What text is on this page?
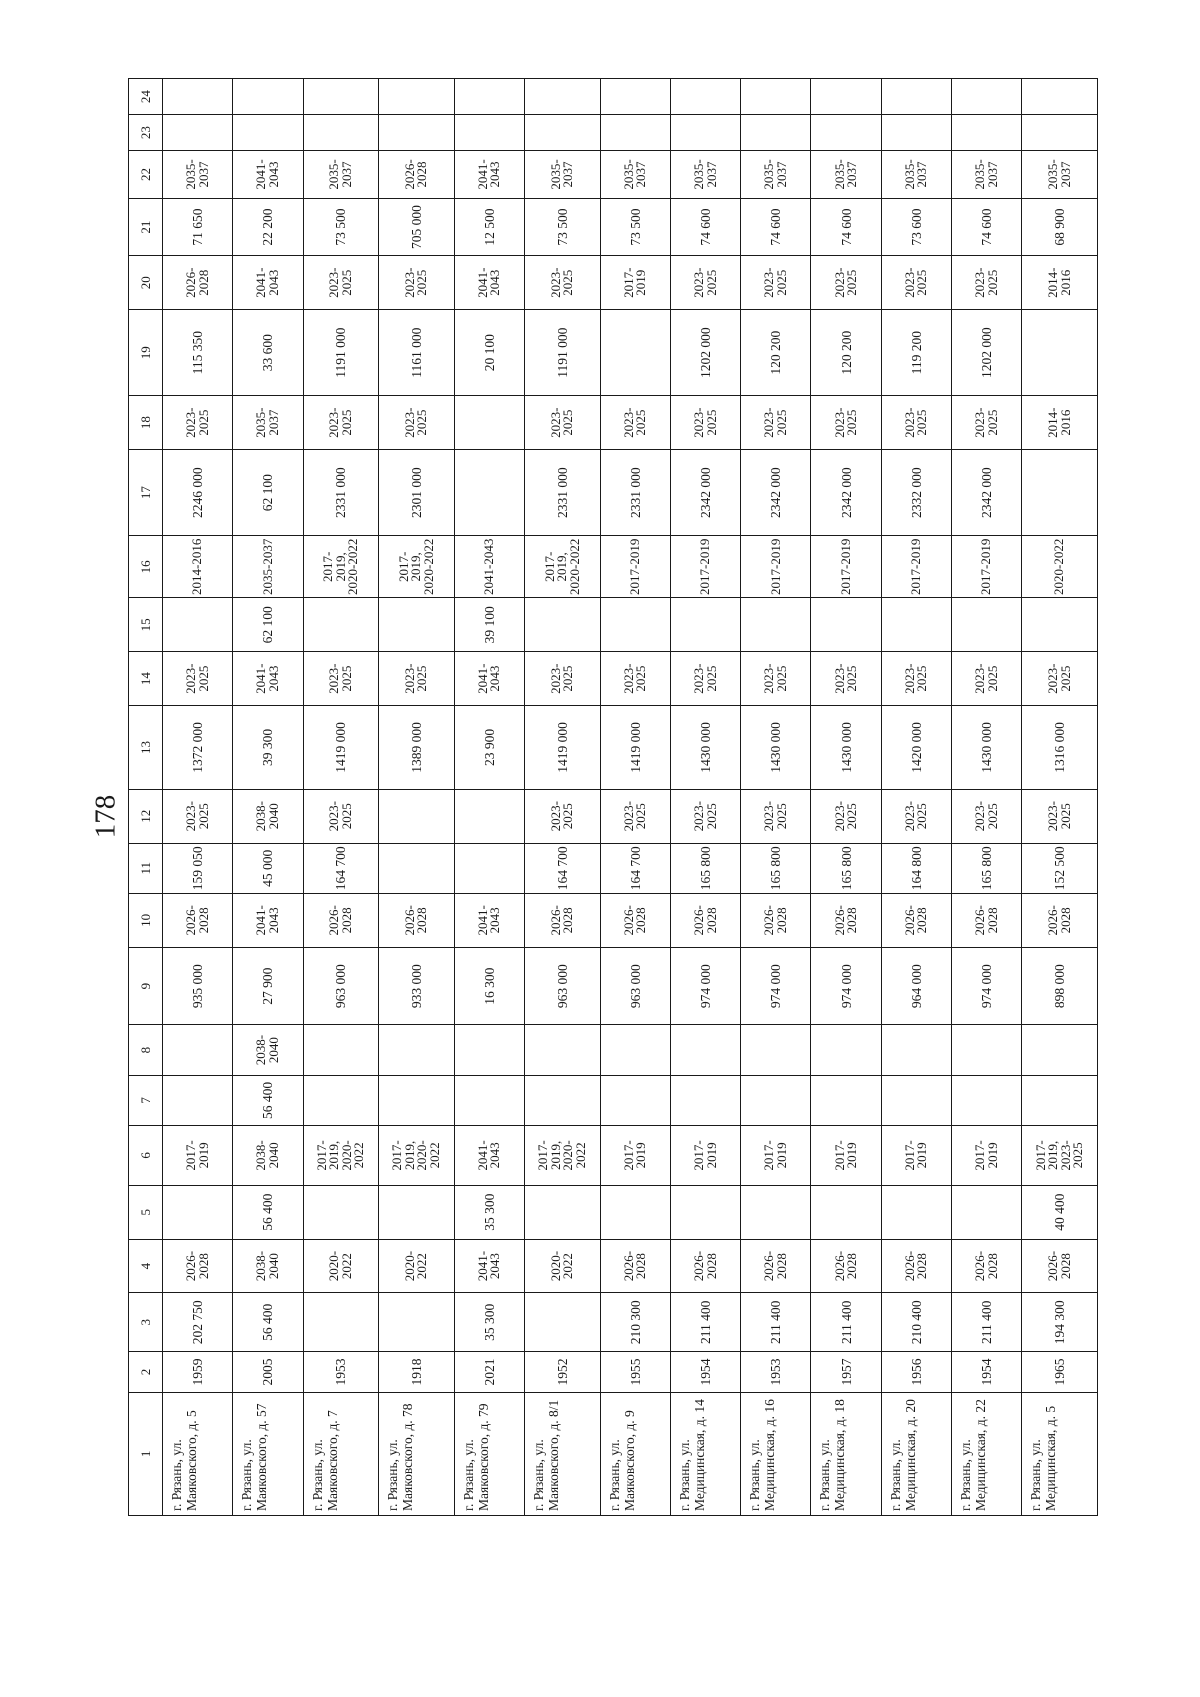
178
1	2	3	4	5	6	7	8	9	10	11	12	13	14	15	16	17	18	19	20	21	22	23	24
г. Рязань, ул. Маяковского, д. 5	1959	202 750	2026-2028		2017-2019			935 000	2026-2028	159 050	2023-2025	1372 000	2023-2025		2014-2016	2246 000	2023-2025	115 350	2026-2028	71 650	2035-2037		
г. Рязань, ул. Маяковского, д. 57	2005	56 400	2038-2040	56 400	2038-2040	56 400	2038-2040	27 900	2041-2043	45 000	2038-2040	39 300	2041-2043	62 100	2035-2037	62 100	2035-2037	33 600	2041-2043	22 200	2041-2043		
г. Рязань, ул. Маяковского, д. 7	1953		2020-2022		2017-2019, 2020-2022			963 000	2026-2028	164 700	2023-2025	1419 000	2023-2025		2017-2019, 2020-2022	2331 000	2023-2025	1191 000	2023-2025	73 500	2035-2037		
г. Рязань, ул. Маяковского, д. 78	1918		2020-2022		2017-2019, 2020-2022			933 000	2026-2028			1389 000	2023-2025		2017-2019, 2020-2022	2301 000	2023-2025	1161 000	2023-2025	705 000	2026-2028		
г. Рязань, ул. Маяковского, д. 79	2021	35 300	2041-2043	35 300	2041-2043			16 300	2041-2043			23 900	2041-2043	39 100	2041-2043			20 100	2041-2043	12 500	2041-2043		
г. Рязань, ул. Маяковского, д. 8/1	1952		2020-2022		2017-2019, 2020-2022			963 000	2026-2028	164 700	2023-2025	1419 000	2023-2025		2017-2019, 2020-2022	2331 000	2023-2025	1191 000	2023-2025	73 500	2035-2037		
г. Рязань, ул. Маяковского, д. 9	1955	210 300	2026-2028		2017-2019			963 000	2026-2028	164 700	2023-2025	1419 000	2023-2025		2017-2019	2331 000	2023-2025		2017-2019	73 500	2035-2037		
г. Рязань, ул. Медицинская, д. 14	1954	211 400	2026-2028		2017-2019			974 000	2026-2028	165 800	2023-2025	1430 000	2023-2025		2017-2019	2342 000	2023-2025	1202 000	2023-2025	74 600	2035-2037		
г. Рязань, ул. Медицинская, д. 16	1953	211 400	2026-2028		2017-2019			974 000	2026-2028	165 800	2023-2025	1430 000	2023-2025		2017-2019	2342 000	2023-2025	120 200	2023-2025	74 600	2035-2037		
г. Рязань, ул. Медицинская, д. 18	1957	211 400	2026-2028		2017-2019			974 000	2026-2028	165 800	2023-2025	1430 000	2023-2025		2017-2019	2342 000	2023-2025	120 200	2023-2025	74 600	2035-2037		
г. Рязань, ул. Медицинская, д. 20	1956	210 400	2026-2028		2017-2019			964 000	2026-2028	164 800	2023-2025	1420 000	2023-2025		2017-2019	2332 000	2023-2025	119 200	2023-2025	73 600	2035-2037		
г. Рязань, ул. Медицинская, д. 22	1954	211 400	2026-2028		2017-2019			974 000	2026-2028	165 800	2023-2025	1430 000	2023-2025		2017-2019	2342 000	2023-2025	1202 000	2023-2025	74 600	2035-2037		
г. Рязань, ул. Медицинская, д. 5	1965	194 300	2026-2028	40 400	2017-2019, 2023-2025			898 000	2026-2028	152 500	2023-2025	1316 000	2023-2025		2020-2022		2014-2016		2014-2016	68 900	2035-2037		
